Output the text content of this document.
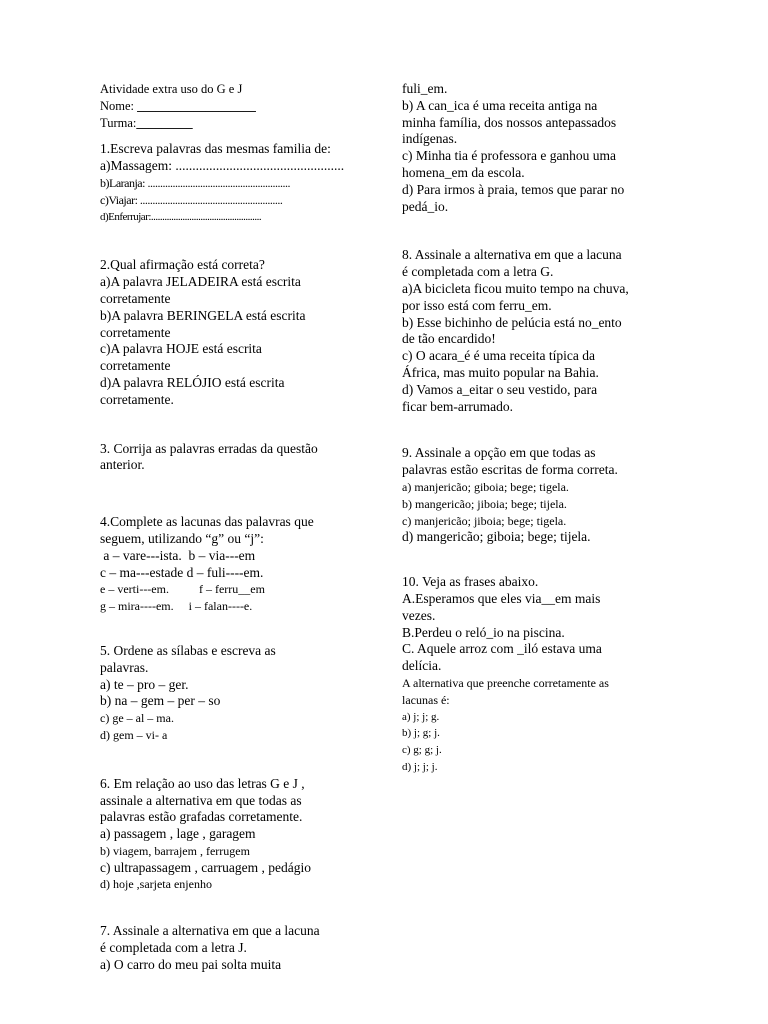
Atividade extra uso do G e J
Nome: ___________________
Turma:_________
1.Escreva palavras das mesmas familia de:
a)Massagem: ..................................................
b)Laranja: .........................................................
c)Viajar: .........................................................
d)Enferrujar:.................................................
2.Qual afirmação está correta?
a)A palavra JELADEIRA está escrita
corretamente
b)A palavra BERINGELA está escrita
corretamente
c)A palavra HOJE está escrita
corretamente
d)A palavra RELÓJIO está escrita
corretamente.
3. Corrija as palavras erradas da questão
anterior.
4.Complete as lacunas das palavras que
seguem, utilizando “g” ou “j”:
a – vare---ista.  b – via---em
c – ma---estade d – fuli----em.
e – verti---em.          f – ferru__em
g – mira----em.     i – falan----e.
5. Ordene as sílabas e escreva as
palavras.
a) te – pro – ger.
b) na – gem – per – so
c) ge – al – ma.
d) gem – vi- a
6. Em relação ao uso das letras G e J ,
assinale a alternativa em que todas as
palavras estão grafadas corretamente.
a) passagem , lage , garagem
b) viagem, barrajem , ferrugem
c) ultrapassagem , carruagem , pedágio
d) hoje ,sarjeta enjenho
7. Assinale a alternativa em que a lacuna
é completada com a letra J.
a) O carro do meu pai solta muita
fuli_em.
b) A can_ica é uma receita antiga na
minha família, dos nossos antepassados
indígenas.
c) Minha tia é professora e ganhou uma
homena_em da escola.
d) Para irmos à praia, temos que parar no
pedá_io.
8. Assinale a alternativa em que a lacuna
é completada com a letra G.
a)A bicicleta ficou muito tempo na chuva,
por isso está com ferru_em.
b) Esse bichinho de pelúcia está no_ento
de tão encardido!
c) O acara_é é uma receita típica da
África, mas muito popular na Bahia.
d) Vamos a_eitar o seu vestido, para
ficar bem-arrumado.
9. Assinale a opção em que todas as
palavras estão escritas de forma correta.
a) manjericão; giboia; bege; tigela.
b) mangericão; jiboia; bege; tijela.
c) manjericão; jiboia; bege; tigela.
d) mangericão; giboia; bege; tijela.
10. Veja as frases abaixo.
A.Esperamos que eles via__em mais
vezes.
B.Perdeu o reló_io na piscina.
C. Aquele arroz com _iló estava uma
delícia.
A alternativa que preenche corretamente as
lacunas é:
a) j; j; g.
b) j; g; j.
c) g; g; j.
d) j; j; j.
